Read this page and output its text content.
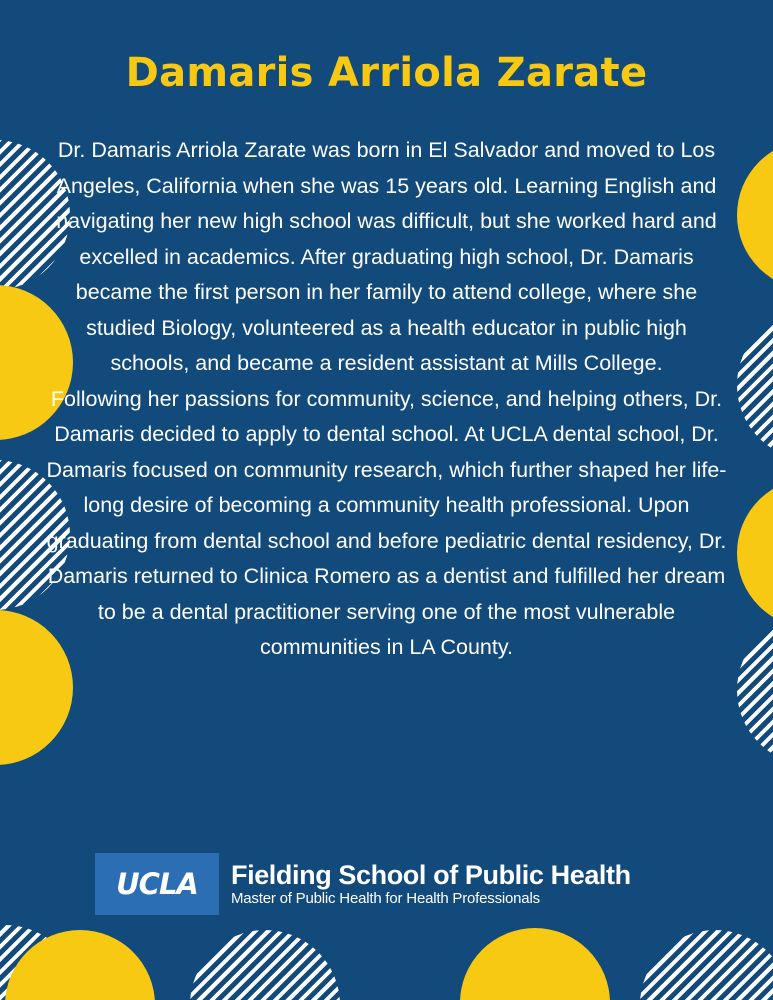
Damaris Arriola Zarate

Dr. Damaris Arriola Zarate was born in El Salvador and moved to Los Angeles, California when she was 15 years old. Learning English and navigating her new high school was difficult, but she worked hard and excelled in academics. After graduating high school, Dr. Damaris became the first person in her family to attend college, where she studied Biology, volunteered as a health educator in public high schools, and became a resident assistant at Mills College.

Following her passions for community, science, and helping others, Dr. Damaris decided to apply to dental school. At UCLA dental school, Dr. Damaris focused on community research, which further shaped her life-long desire of becoming a community health professional. Upon graduating from dental school and before pediatric dental residency, Dr. Damaris returned to Clinica Romero as a dentist and fulfilled her dream to be a dental practitioner serving one of the most vulnerable communities in LA County.

UCLA	Fielding School of Public Health
Master of Public Health for Health Professionals
